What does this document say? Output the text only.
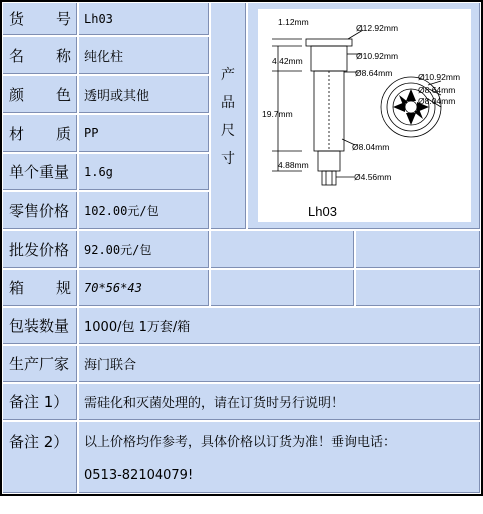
货 号	Lh03
名 称	纯化柱
颜 色	透明或其他
材 质	PP
单个重量	1.6g
零售价格	102.00元/包
产
品
尺
寸
1.12mm
Ø12.92mm
4.42mm	Ø10.92mm
Ø8.64mm
19.7mm
Ø8.04mm
4.88mm
Ø4.56mm
Ø10.92mm
Ø8.64mm
Ø8.04mm
Lh03
批发价格	92.00元/包
箱 规	70*56*43
包装数量	1000/包 1万套/箱
生产厂家	海门联合
备注 1）	需硅化和灭菌处理的，请在订货时另行说明！
备注 2）	以上价格均作参考，具体价格以订货为准！垂询电话：
0513-82104079!
